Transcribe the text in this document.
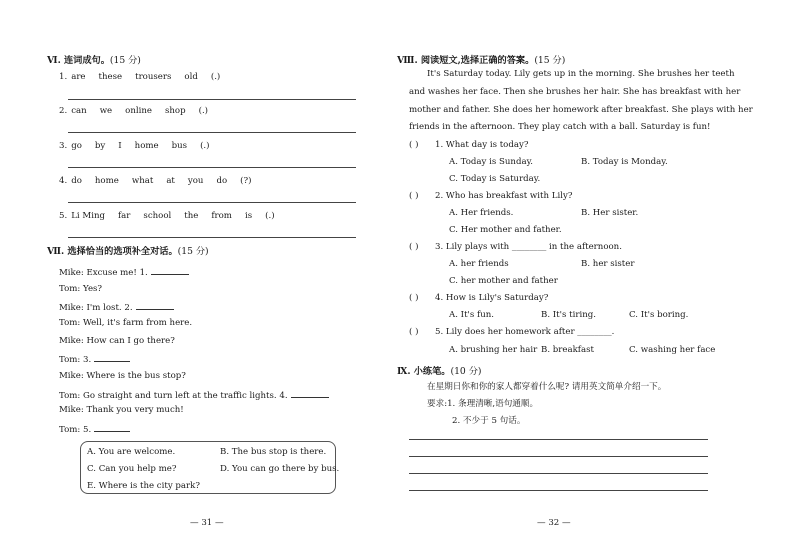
Ⅵ. 连词成句。(15 分)
1. are these trousers old (.)
2. can we online shop (.)
3. go by I home bus (.)
4. do home what at you do (?)
5. Li Ming far school the from is (.)
Ⅶ. 选择恰当的选项补全对话。(15 分)
Mike: Excuse me! 1.
Tom: Yes?
Mike: I'm lost. 2.
Tom: Well, it's farm from here.
Mike: How can I go there?
Tom: 3.
Mike: Where is the bus stop?
Tom: Go straight and turn left at the traffic lights. 4.
Mike: Thank you very much!
Tom: 5.
A. You are welcome.	B. The bus stop is there.
C. Can you help me?	D. You can go there by bus.
E. Where is the city park?
— 31 —
Ⅷ. 阅读短文,选择正确的答案。(15 分)
It's Saturday today. Lily gets up in the morning. She brushes her teeth
and washes her face. Then she brushes her hair. She has breakfast with her
mother and father. She does her homework after breakfast. She plays with her
friends in the afternoon. They play catch with a ball. Saturday is fun!
( ) 1. What day is today?
A. Today is Sunday.	B. Today is Monday.
C. Today is Saturday.
( ) 2. Who has breakfast with Lily?
A. Her friends.	B. Her sister.
C. Her mother and father.
( ) 3. Lily plays with ________ in the afternoon.
A. her friends	B. her sister
C. her mother and father
( ) 4. How is Lily's Saturday?
A. It's fun.	B. It's tiring.	C. It's boring.
( ) 5. Lily does her homework after ________.
A. brushing her hair B. breakfast	C. washing her face
Ⅸ. 小练笔。(10 分)
在星期日你和你的家人都穿着什么呢? 请用英文简单介绍一下。
要求:1. 条理清晰,语句通顺。
2. 不少于 5 句话。
— 32 —
